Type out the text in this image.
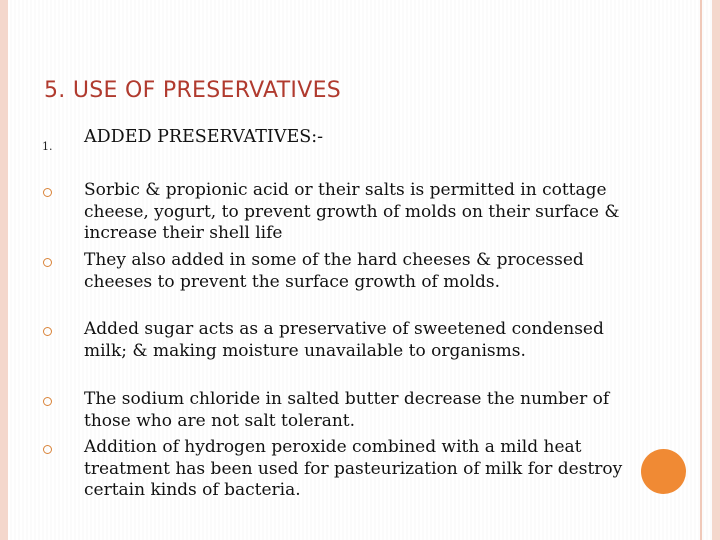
5. USE OF PRESERVATIVES
1. ADDED PRESERVATIVES:-
Sorbic & propionic acid or their salts is permitted in cottage cheese, yogurt, to prevent growth of molds on their surface & increase their shell life
They also added in some of the hard cheeses & processed cheeses to prevent the surface growth of molds.
Added sugar acts as a preservative of sweetened condensed milk; & making moisture unavailable to organisms.
The sodium chloride in salted butter decrease the number of those who are not salt tolerant.
Addition of hydrogen peroxide combined with a mild heat treatment has been used for pasteurization of milk for destroy certain kinds of bacteria.
